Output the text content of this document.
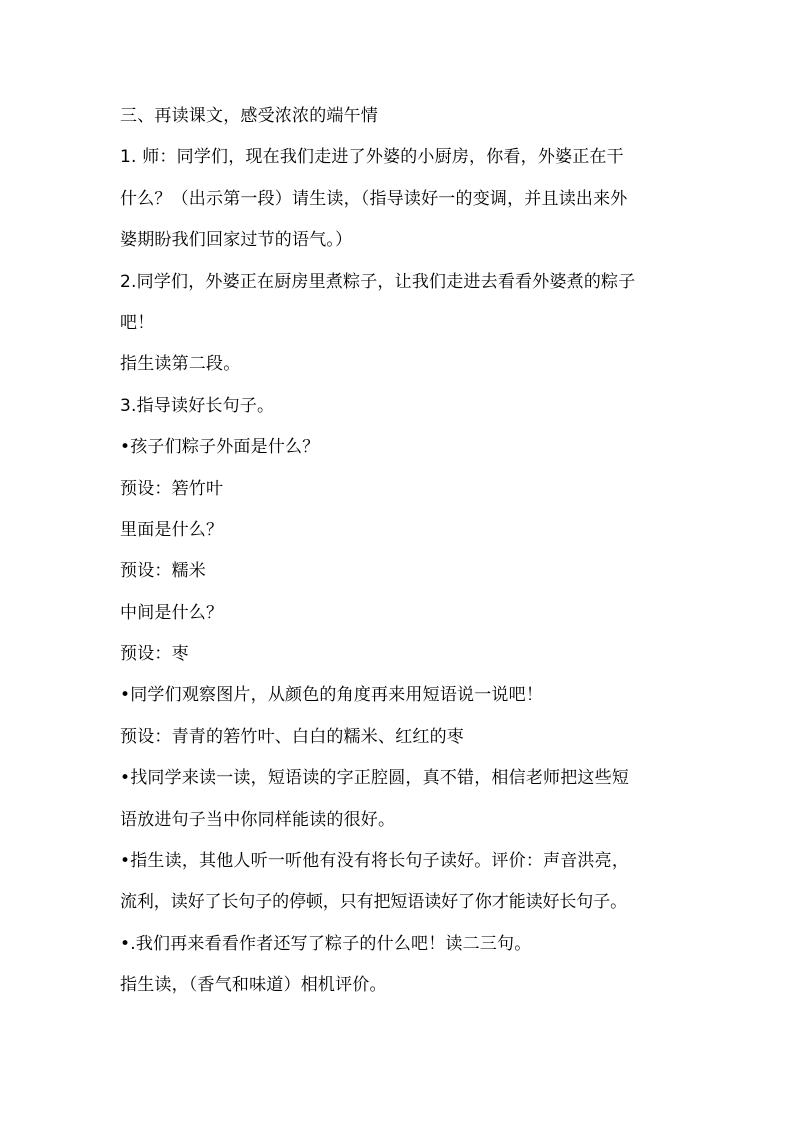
三、再读课文，感受浓浓的端午情
1. 师：同学们，现在我们走进了外婆的小厨房，你看，外婆正在干
什么？（出示第一段）请生读，（指导读好一的变调，并且读出来外
婆期盼我们回家过节的语气。）
2.同学们，外婆正在厨房里煮粽子，让我们走进去看看外婆煮的粽子
吧！
指生读第二段。
3.指导读好长句子。
•孩子们粽子外面是什么？
预设：箬竹叶
里面是什么？
预设：糯米
中间是什么？
预设：枣
•同学们观察图片，从颜色的角度再来用短语说一说吧！
预设：青青的箬竹叶、白白的糯米、红红的枣
•找同学来读一读，短语读的字正腔圆，真不错，相信老师把这些短
语放进句子当中你同样能读的很好。
•指生读，其他人听一听他有没有将长句子读好。评价：声音洪亮，
流利，读好了长句子的停顿，只有把短语读好了你才能读好长句子。
•.我们再来看看作者还写了粽子的什么吧！读二三句。
指生读，（香气和味道）相机评价。
